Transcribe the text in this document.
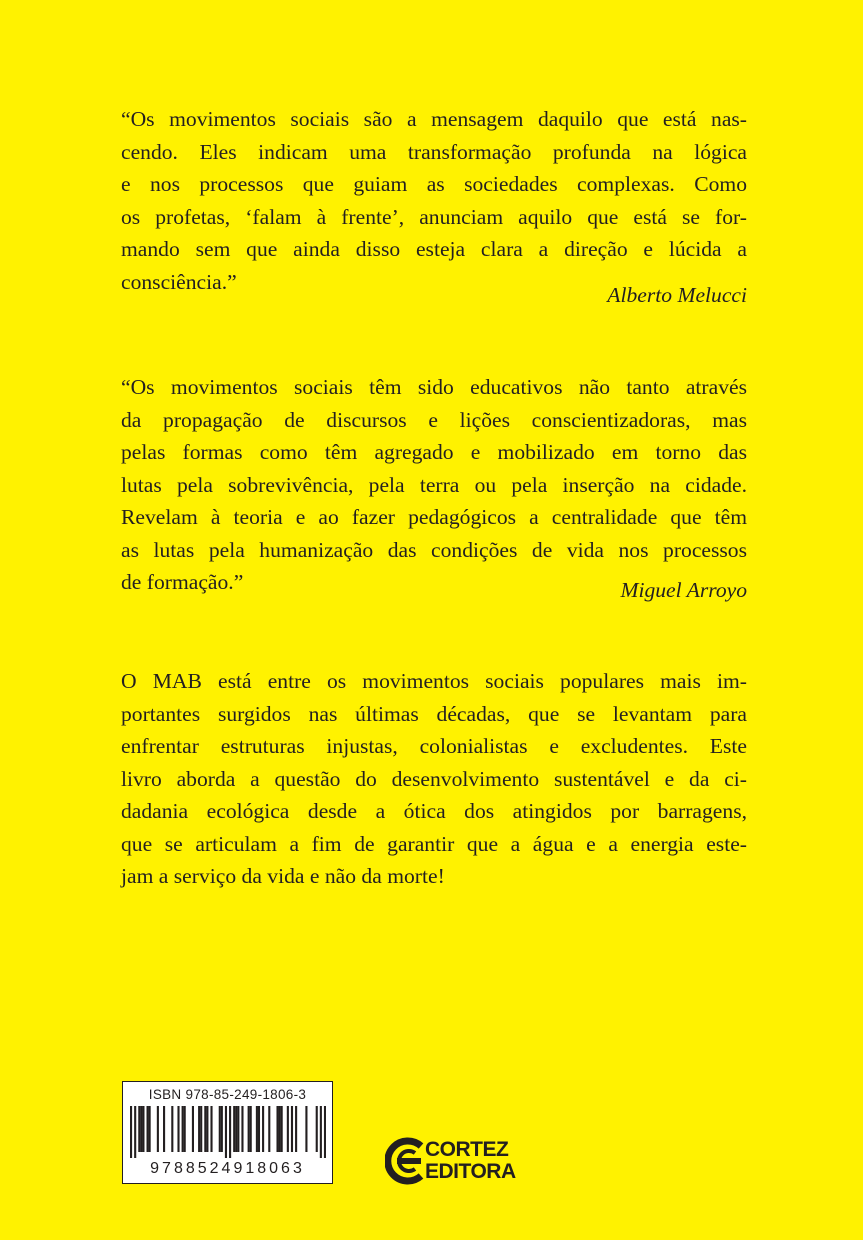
“Os movimentos sociais são a mensagem daquilo que está nas-
cendo. Eles indicam uma transformação profunda na lógica
e nos processos que guiam as sociedades complexas. Como
os profetas, ‘falam à frente’, anunciam aquilo que está se for-
mando sem que ainda disso esteja clara a direção e lúcida a
consciência.”
Alberto Melucci
“Os movimentos sociais têm sido educativos não tanto através
da propagação de discursos e lições conscientizadoras, mas
pelas formas como têm agregado e mobilizado em torno das
lutas pela sobrevivência, pela terra ou pela inserção na cidade.
Revelam à teoria e ao fazer pedagógicos a centralidade que têm
as lutas pela humanização das condições de vida nos processos
de formação.”	Miguel Arroyo
O MAB está entre os movimentos sociais populares mais im-
portantes surgidos nas últimas décadas, que se levantam para
enfrentar estruturas injustas, colonialistas e excludentes. Este
livro aborda a questão do desenvolvimento sustentável e da ci-
dadania ecológica desde a ótica dos atingidos por barragens,
que se articulam a fim de garantir que a água e a energia este-
jam a serviço da vida e não da morte!
ISBN 978-85-249-1806-3
9788524918063
CORTEZ
EDITORA
